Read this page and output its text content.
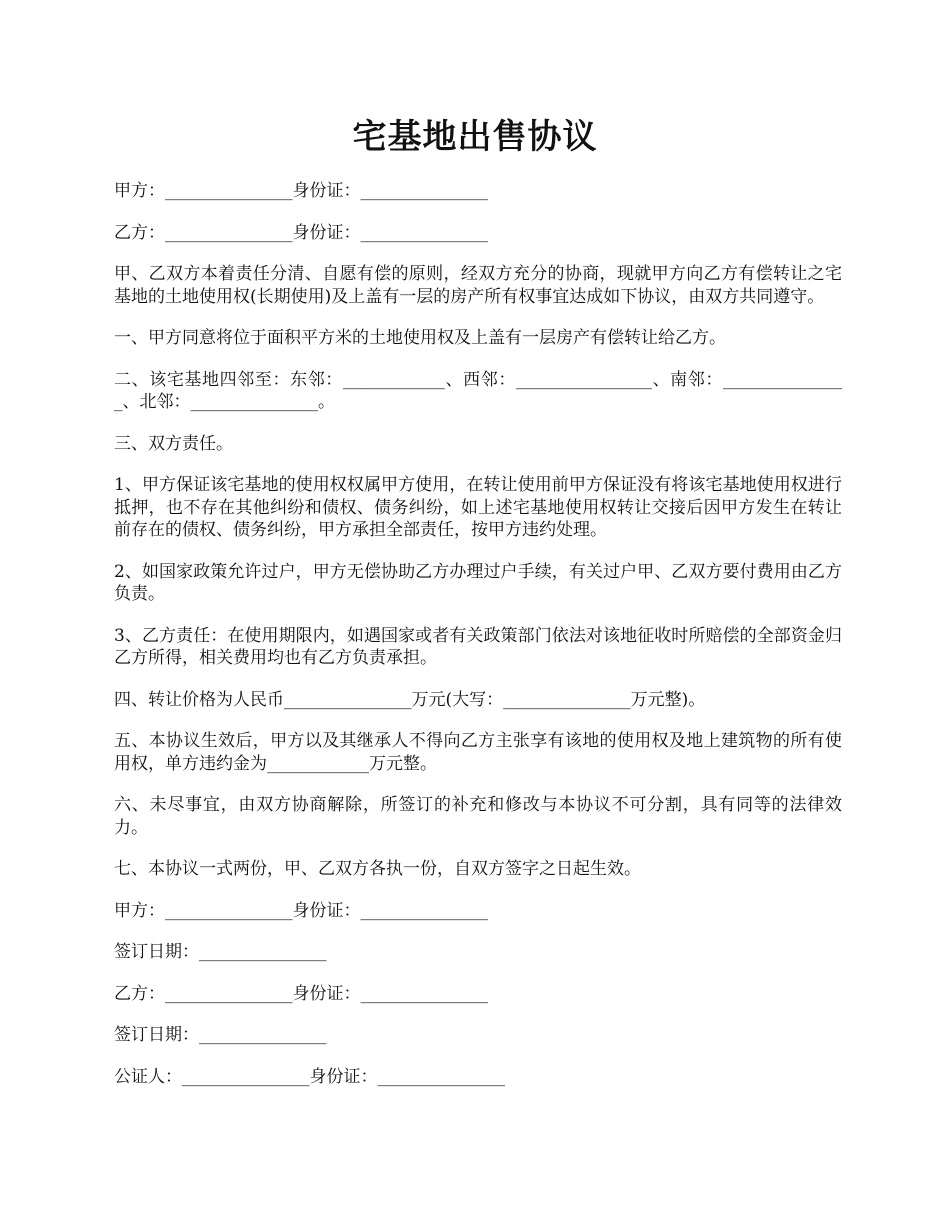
宅基地出售协议

甲方：_______________身份证：_______________

乙方：_______________身份证：_______________

甲、乙双方本着责任分清、自愿有偿的原则，经双方充分的协商，现就甲方向乙方有偿转让之宅基地的土地使用权(长期使用)及上盖有一层的房产所有权事宜达成如下协议，由双方共同遵守。

一、甲方同意将位于面积平方米的土地使用权及上盖有一层房产有偿转让给乙方。

二、该宅基地四邻至：东邻：____________、西邻：________________、南邻：_______________、北邻：_______________。

三、双方责任。

1、甲方保证该宅基地的使用权权属甲方使用，在转让使用前甲方保证没有将该宅基地使用权进行抵押，也不存在其他纠纷和债权、债务纠纷，如上述宅基地使用权转让交接后因甲方发生在转让前存在的债权、债务纠纷，甲方承担全部责任，按甲方违约处理。

2、如国家政策允许过户，甲方无偿协助乙方办理过户手续，有关过户甲、乙双方要付费用由乙方负责。

3、乙方责任：在使用期限内，如遇国家或者有关政策部门依法对该地征收时所赔偿的全部资金归乙方所得，相关费用均也有乙方负责承担。

四、转让价格为人民币_______________万元(大写：_______________万元整)。

五、本协议生效后，甲方以及其继承人不得向乙方主张享有该地的使用权及地上建筑物的所有使用权，单方违约金为____________万元整。

六、未尽事宜，由双方协商解除，所签订的补充和修改与本协议不可分割，具有同等的法律效力。

七、本协议一式两份，甲、乙双方各执一份，自双方签字之日起生效。

甲方：_______________身份证：_______________

签订日期：_______________

乙方：_______________身份证：_______________

签订日期：_______________

公证人：_______________身份证：_______________
